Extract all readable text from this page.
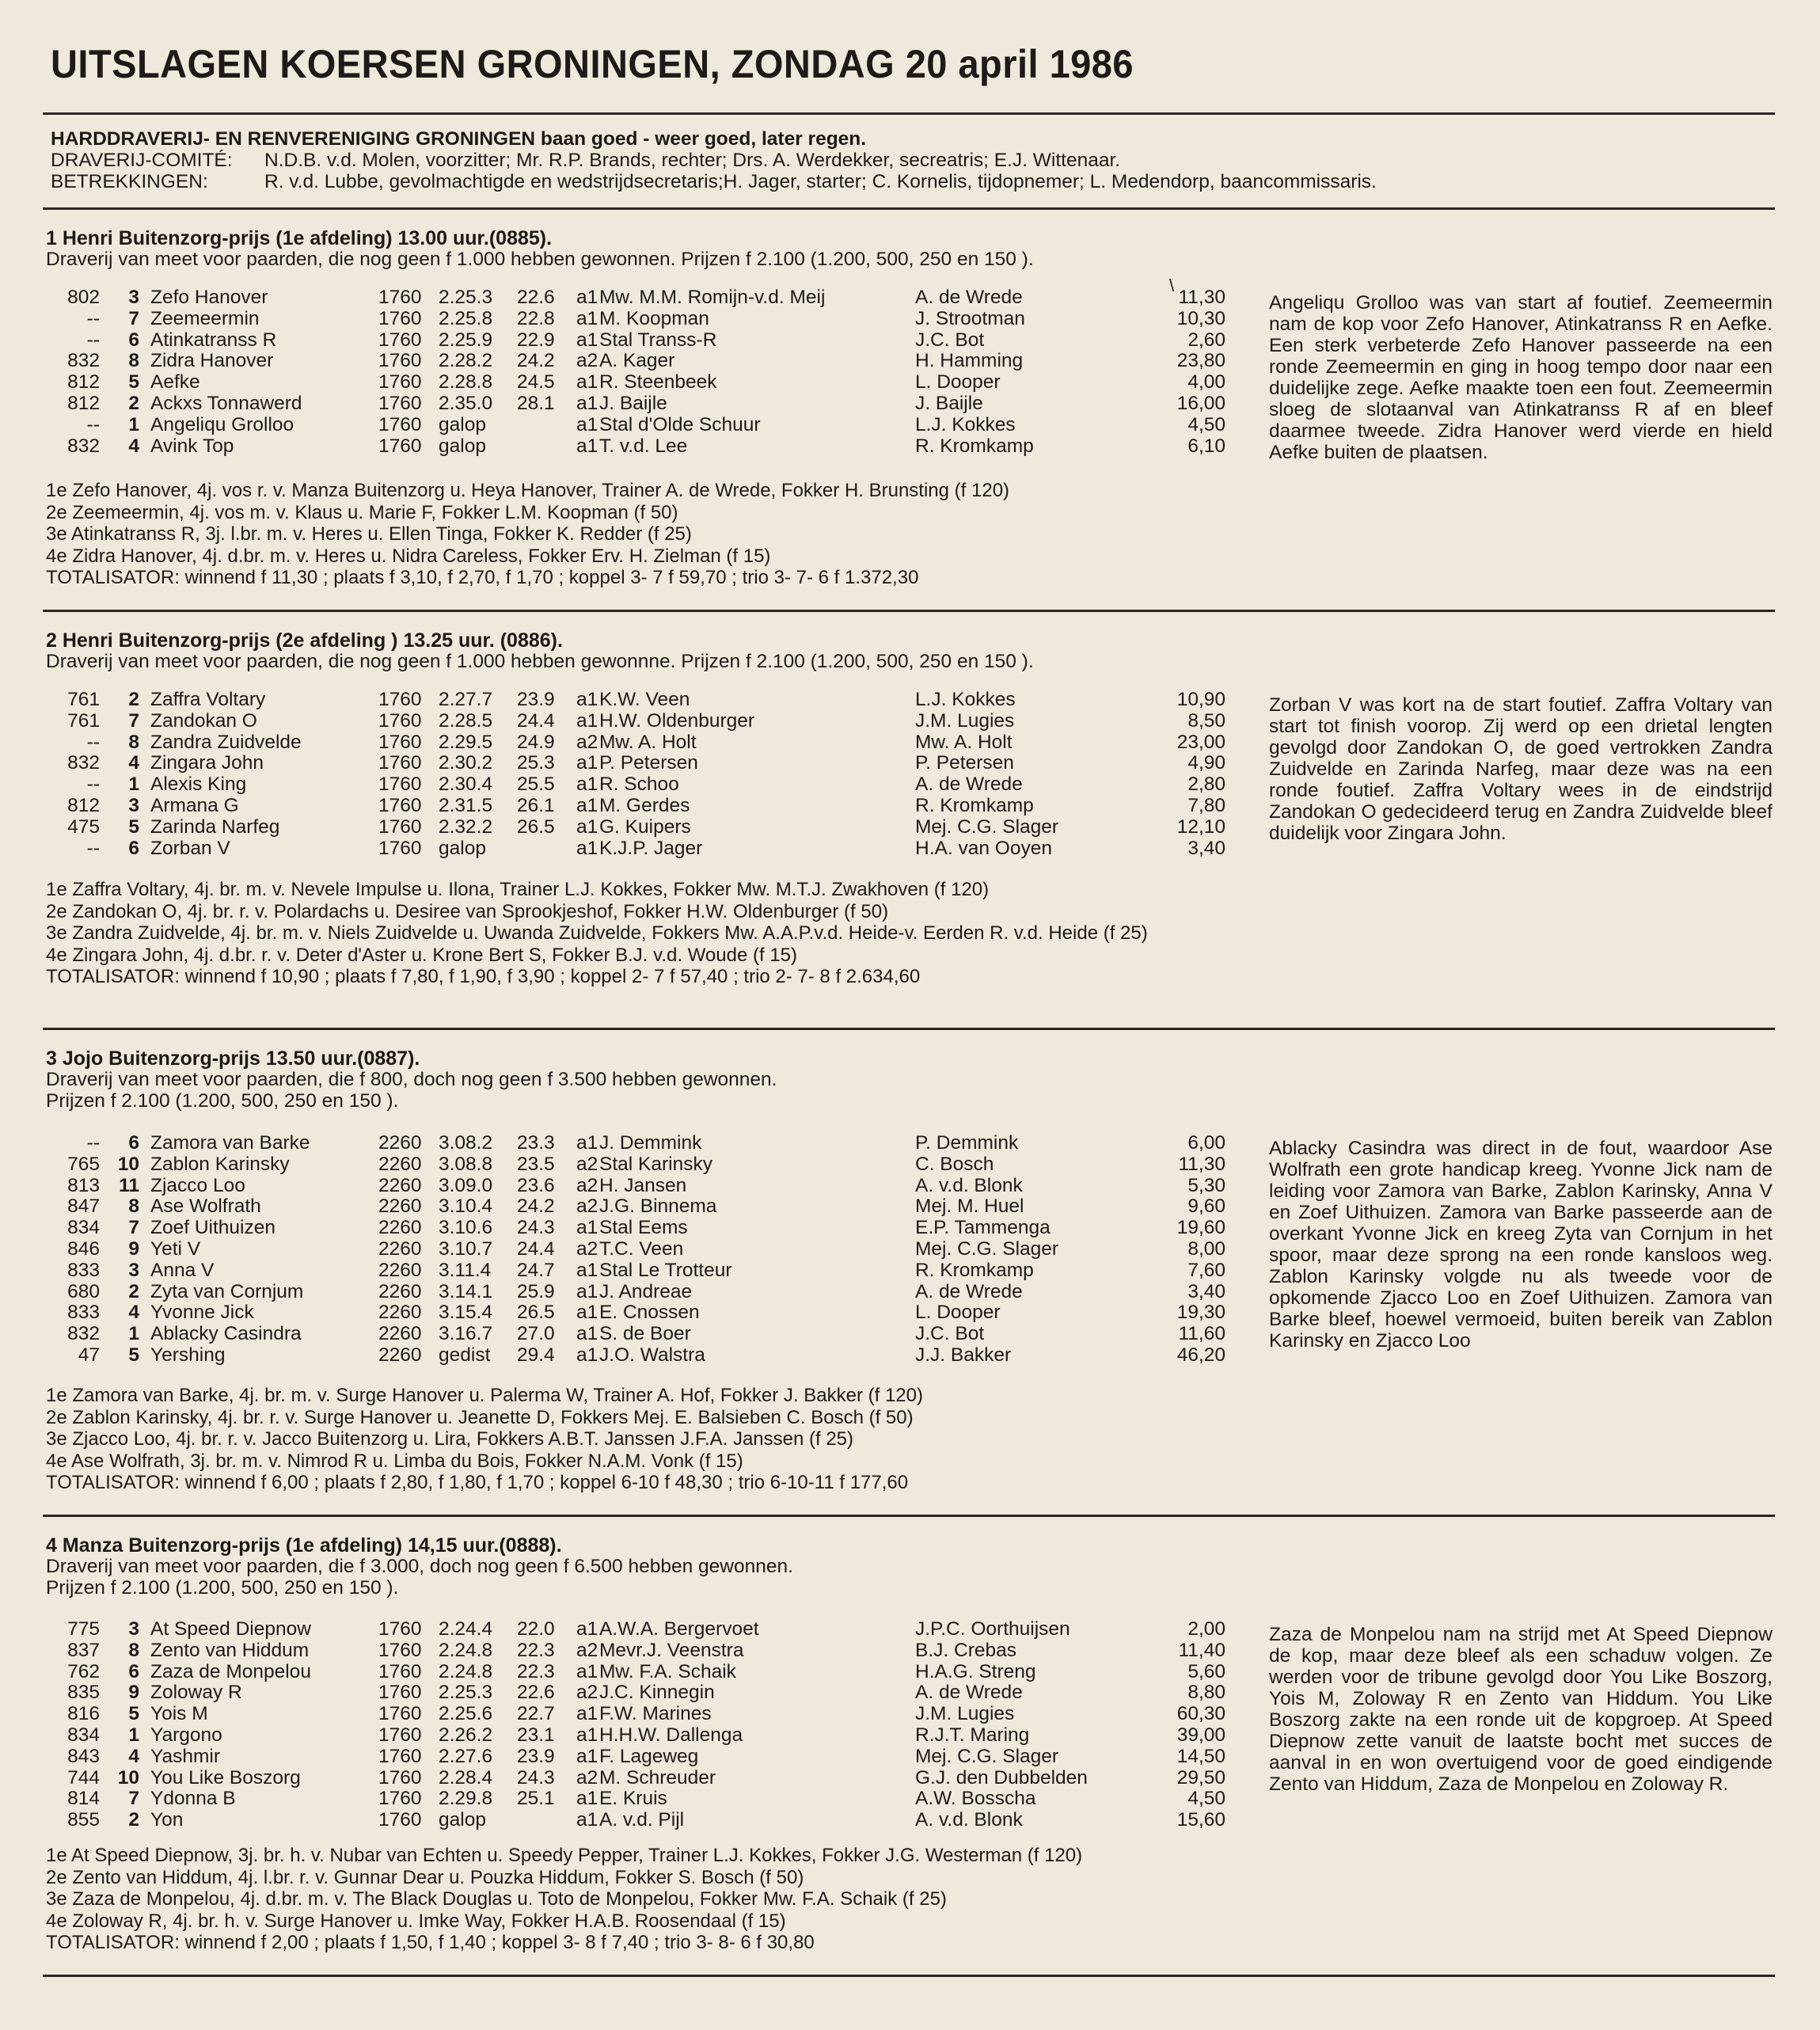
UITSLAGEN KOERSEN GRONINGEN, ZONDAG 20 april 1986
HARDDRAVERIJ- EN RENVERENIGING GRONINGEN baan goed - weer goed, later regen.
DRAVERIJ-COMITÉ: N.D.B. v.d. Molen, voorzitter; Mr. R.P. Brands, rechter; Drs. A. Werdekker, secreatris; E.J. Wittenaar.
BETREKKINGEN:	R. v.d. Lubbe, gevolmachtigde en wedstrijdsecretaris;H. Jager, starter; C. Kornelis, tijdopnemer; L. Medendorp, baancommissaris.
\
1 Henri Buitenzorg-prijs (1e afdeling) 13.00 uur.(0885).
Draverij van meet voor paarden, die nog geen f 1.000 hebben gewonnen. Prijzen f 2.100 (1.200, 500, 250 en 150 ).
802	3 Zefo Hanover	1760 2.25.3 22.6 a1 Mw. M.M. Romijn-v.d. Meij	A. de Wrede	11,30
--	7 Zeemeermin	1760 2.25.8 22.8 a1 M. Koopman	J. Strootman	10,30
--	6 Atinkatranss R	1760 2.25.9 22.9 a1 Stal Transs-R	J.C. Bot	2,60
832	8 Zidra Hanover	1760 2.28.2 24.2 a2 A. Kager	H. Hamming	23,80
812	5 Aefke	1760 2.28.8 24.5 a1 R. Steenbeek	L. Dooper	4,00
812	2 Ackxs Tonnawerd	1760 2.35.0 28.1 a1 J. Baijle	J. Baijle	16,00
--	1 Angeliqu Grolloo	1760 galop	a1 Stal d'Olde Schuur	L.J. Kokkes	4,50
832	4 Avink Top	1760 galop	a1 T. v.d. Lee	R. Kromkamp	6,10
Angeliqu Grolloo was van start af foutief. Zeemeermin nam de kop voor Zefo Hanover, Atinkatranss R en Aefke. Een sterk verbeterde Zefo Hanover passeerde na een ronde Zeemeermin en ging in hoog tempo door naar een duidelijke zege. Aefke maakte toen een fout. Zeemeermin sloeg de slotaanval van Atinkatranss R af en bleef daarmee tweede. Zidra Hanover werd vierde en hield Aefke buiten de plaatsen.
1e Zefo Hanover, 4j. vos r. v. Manza Buitenzorg u. Heya Hanover, Trainer A. de Wrede, Fokker H. Brunsting (f 120)
2e Zeemeermin, 4j. vos m. v. Klaus u. Marie F, Fokker L.M. Koopman (f 50)
3e Atinkatranss R, 3j. l.br. m. v. Heres u. Ellen Tinga, Fokker K. Redder (f 25)
4e Zidra Hanover, 4j. d.br. m. v. Heres u. Nidra Careless, Fokker Erv. H. Zielman (f 15)
TOTALISATOR: winnend f 11,30 ; plaats f 3,10, f 2,70, f 1,70 ; koppel 3- 7 f 59,70 ; trio 3- 7- 6 f 1.372,30
2 Henri Buitenzorg-prijs (2e afdeling ) 13.25 uur. (0886).
Draverij van meet voor paarden, die nog geen f 1.000 hebben gewonnne. Prijzen f 2.100 (1.200, 500, 250 en 150 ).
761	2 Zaffra Voltary	1760 2.27.7 23.9 a1 K.W. Veen	L.J. Kokkes	10,90
761	7 Zandokan O	1760 2.28.5 24.4 a1 H.W. Oldenburger	J.M. Lugies	8,50
--	8 Zandra Zuidvelde	1760 2.29.5 24.9 a2 Mw. A. Holt	Mw. A. Holt	23,00
832	4 Zingara John	1760 2.30.2 25.3 a1 P. Petersen	P. Petersen	4,90
--	1 Alexis King	1760 2.30.4 25.5 a1 R. Schoo	A. de Wrede	2,80
812	3 Armana G	1760 2.31.5 26.1 a1 M. Gerdes	R. Kromkamp	7,80
475	5 Zarinda Narfeg	1760 2.32.2 26.5 a1 G. Kuipers	Mej. C.G. Slager	12,10
--	6 Zorban V	1760 galop	a1 K.J.P. Jager	H.A. van Ooyen	3,40
Zorban V was kort na de start foutief. Zaffra Voltary van start tot finish voorop. Zij werd op een drietal lengten gevolgd door Zandokan O, de goed vertrokken Zandra Zuidvelde en Zarinda Narfeg, maar deze was na een ronde foutief. Zaffra Voltary wees in de eindstrijd Zandokan O gedecideerd terug en Zandra Zuidvelde bleef duidelijk voor Zingara John.
1e Zaffra Voltary, 4j. br. m. v. Nevele Impulse u. Ilona, Trainer L.J. Kokkes, Fokker Mw. M.T.J. Zwakhoven (f 120)
2e Zandokan O, 4j. br. r. v. Polardachs u. Desiree van Sprookjeshof, Fokker H.W. Oldenburger (f 50)
3e Zandra Zuidvelde, 4j. br. m. v. Niels Zuidvelde u. Uwanda Zuidvelde, Fokkers Mw. A.A.P.v.d. Heide-v. Eerden R. v.d. Heide (f 25)
4e Zingara John, 4j. d.br. r. v. Deter d'Aster u. Krone Bert S, Fokker B.J. v.d. Woude (f 15)
TOTALISATOR: winnend f 10,90 ; plaats f 7,80, f 1,90, f 3,90 ; koppel 2- 7 f 57,40 ; trio 2- 7- 8 f 2.634,60
3 Jojo Buitenzorg-prijs 13.50 uur.(0887).
Draverij van meet voor paarden, die f 800, doch nog geen f 3.500 hebben gewonnen.
Prijzen f 2.100 (1.200, 500, 250 en 150 ).
--	6 Zamora van Barke	2260 3.08.2 23.3 a1 J. Demmink	P. Demmink	6,00
765 10 Zablon Karinsky	2260 3.08.8 23.5 a2 Stal Karinsky	C. Bosch	11,30
813 11 Zjacco Loo	2260 3.09.0 23.6 a2 H. Jansen	A. v.d. Blonk	5,30
847	8 Ase Wolfrath	2260 3.10.4 24.2 a2 J.G. Binnema	Mej. M. Huel	9,60
834	7 Zoef Uithuizen	2260 3.10.6 24.3 a1 Stal Eems	E.P. Tammenga	19,60
846	9 Yeti V	2260 3.10.7 24.4 a2 T.C. Veen	Mej. C.G. Slager	8,00
833	3 Anna V	2260 3.11.4 24.7 a1 Stal Le Trotteur	R. Kromkamp	7,60
680	2 Zyta van Cornjum	2260 3.14.1 25.9 a1 J. Andreae	A. de Wrede	3,40
833	4 Yvonne Jick	2260 3.15.4 26.5 a1 E. Cnossen	L. Dooper	19,30
832	1 Ablacky Casindra	2260 3.16.7 27.0 a1 S. de Boer	J.C. Bot	11,60
47	5 Yershing	2260 gedist 29.4 a1 J.O. Walstra	J.J. Bakker	46,20
Ablacky Casindra was direct in de fout, waardoor Ase Wolfrath een grote handicap kreeg. Yvonne Jick nam de leiding voor Zamora van Barke, Zablon Karinsky, Anna V en Zoef Uithuizen. Zamora van Barke passeerde aan de overkant Yvonne Jick en kreeg Zyta van Cornjum in het spoor, maar deze sprong na een ronde kansloos weg. Zablon Karinsky volgde nu als tweede voor de opkomende Zjacco Loo en Zoef Uithuizen. Zamora van Barke bleef, hoewel vermoeid, buiten bereik van Zablon Karinsky en Zjacco Loo
1e Zamora van Barke, 4j. br. m. v. Surge Hanover u. Palerma W, Trainer A. Hof, Fokker J. Bakker (f 120)
2e Zablon Karinsky, 4j. br. r. v. Surge Hanover u. Jeanette D, Fokkers Mej. E. Balsieben C. Bosch (f 50)
3e Zjacco Loo, 4j. br. r. v. Jacco Buitenzorg u. Lira, Fokkers A.B.T. Janssen J.F.A. Janssen (f 25)
4e Ase Wolfrath, 3j. br. m. v. Nimrod R u. Limba du Bois, Fokker N.A.M. Vonk (f 15)
TOTALISATOR: winnend f 6,00 ; plaats f 2,80, f 1,80, f 1,70 ; koppel 6-10 f 48,30 ; trio 6-10-11 f 177,60
4 Manza Buitenzorg-prijs (1e afdeling) 14,15 uur.(0888).
Draverij van meet voor paarden, die f 3.000, doch nog geen f 6.500 hebben gewonnen.
Prijzen f 2.100 (1.200, 500, 250 en 150 ).
775	3 At Speed Diepnow	1760 2.24.4 22.0 a1 A.W.A. Bergervoet	J.P.C. Oorthuijsen	2,00
837	8 Zento van Hiddum	1760 2.24.8 22.3 a2 Mevr.J. Veenstra	B.J. Crebas	11,40
762	6 Zaza de Monpelou	1760 2.24.8 22.3 a1 Mw. F.A. Schaik	H.A.G. Streng	5,60
835	9 Zoloway R	1760 2.25.3 22.6 a2 J.C. Kinnegin	A. de Wrede	8,80
816	5 Yois M	1760 2.25.6 22.7 a1 F.W. Marines	J.M. Lugies	60,30
834	1 Yargono	1760 2.26.2 23.1 a1 H.H.W. Dallenga	R.J.T. Maring	39,00
843	4 Yashmir	1760 2.27.6 23.9 a1 F. Lageweg	Mej. C.G. Slager	14,50
744 10 You Like Boszorg	1760 2.28.4 24.3 a2 M. Schreuder	G.J. den Dubbelden	29,50
814	7 Ydonna B	1760 2.29.8 25.1 a1 E. Kruis	A.W. Bosscha	4,50
855	2 Yon	1760 galop	a1 A. v.d. Pijl	A. v.d. Blonk	15,60
Zaza de Monpelou nam na strijd met At Speed Diepnow de kop, maar deze bleef als een schaduw volgen. Ze werden voor de tribune gevolgd door You Like Boszorg, Yois M, Zoloway R en Zento van Hiddum. You Like Boszorg zakte na een ronde uit de kopgroep. At Speed Diepnow zette vanuit de laatste bocht met succes de aanval in en won overtuigend voor de goed eindigende Zento van Hiddum, Zaza de Monpelou en Zoloway R.
1e At Speed Diepnow, 3j. br. h. v. Nubar van Echten u. Speedy Pepper, Trainer L.J. Kokkes, Fokker J.G. Westerman (f 120)
2e Zento van Hiddum, 4j. l.br. r. v. Gunnar Dear u. Pouzka Hiddum, Fokker S. Bosch (f 50)
3e Zaza de Monpelou, 4j. d.br. m. v. The Black Douglas u. Toto de Monpelou, Fokker Mw. F.A. Schaik (f 25)
4e Zoloway R, 4j. br. h. v. Surge Hanover u. Imke Way, Fokker H.A.B. Roosendaal (f 15)
TOTALISATOR: winnend f 2,00 ; plaats f 1,50, f 1,40 ; koppel 3- 8 f 7,40 ; trio 3- 8- 6 f 30,80
